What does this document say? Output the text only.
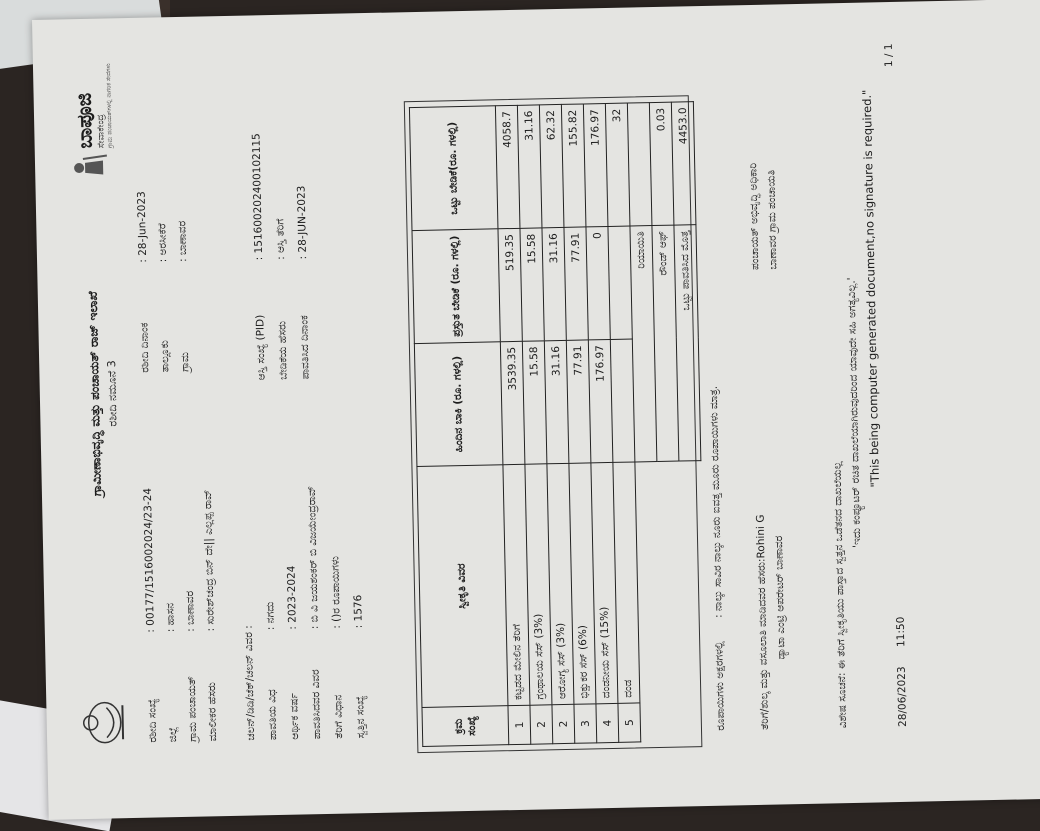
ಗ್ರಾಮೀಣಾಭಿವೃದ್ಧಿ ಮತ್ತು ಪಂಚಾಯತ್ ರಾಜ್ ಇಲಾಖೆ ರಶೀದಿ ನಮೂನೆ 3
ಬಾಪೂಜಿ ಸೇವಾಕೇಂದ್ರ
ಗ್ರಾಮ ಪಂಚಾಯತ್‌ಗಳಲ್ಲಿ ನಾಗರಿಕ ಸೇವೆಗಳು
ರಶೀದಿ ಸಂಖ್ಯೆ
: 00177/1516002024/23-24
ಜಿಲ್ಲೆ
: ಹಾಸನ
ಗ್ರಾಮ ಪಂಚಾಯತ್
: ಬಾಣಾವರ
ಮಾಲೀಕರ ಹೆಸರು
: ಸುರೇಶ್‌ಚಂದ್ರ ಬಿನ್ ದೇ|| ಎಲ್ಲಪ್ಪ ರಾವ್
ರಶೀದಿ ದಿನಾಂಕ
: 28-Jun-2023
ತಾಲ್ಲೂಕು
: ಅರಸೀಕೆರೆ
ಗ್ರಾಮ
: ಬಾಣಾವರ
ಚಲನ್/ಡಿಡಿ/ಚೆಕ್/ಚಲನ್ ವಿವರ : ಪಾವತಿಯ ವಿಧ
: ನಗದು
ಆರ್ಥಿಕ ವರ್ಷ
: 2023-2024
ಪಾವತಿಸಿದವರ ವಿವರ
: ಬಿ ವಿ ಜಯಶಂಕರ್ ಬಿ ವಿಜಯೇಂದ್ರರಾವ್
ತೆರಿಗೆ ವಿಧಾನ
: ()ರ ರೂಪಾಯಿಗಳು
ಸ್ವತ್ತಿನ ಸಂಖ್ಯೆ
: 1576
ಆಸ್ತಿ ಸಂಖ್ಯೆ (PID)
: 151600202400102115
ಬೇಡಿಕೆಯ ಹೆಸರು
: ಆಸ್ತಿ ತೆರಿಗೆ
ಪಾವತಿಸಿದ ದಿನಾಂಕ
: 28-JUN-2023
ಕ್ರಮ ಸಂಖ್ಯೆ	ಸ್ವೀಕೃತಿ ವಿವರ	ಹಿಂದಿನ ಬಾಕಿ (ರೂ. ಗಳಲ್ಲಿ)	ಪ್ರಸ್ತುತ ಬೇಡಿಕೆ (ರೂ. ಗಳಲ್ಲಿ)	ಒಟ್ಟು ಬೇಡಿಕೆ(ರೂ. ಗಳಲ್ಲಿ)
1	ಕಟ್ಟಡದ ಮೇಲಿನ ತೆರಿಗೆ	3539.35	519.35	4058.7
2	ಗ್ರಂಥಾಲಯ ಸೆಸ್ (3%)	15.58	15.58	31.16
2	ಆರೋಗ್ಯ ಸೆಸ್ (3%)	31.16	31.16	62.32
3	ಭಿಕ್ಷುಕರ ಸೆಸ್ (6%)	77.91	77.91	155.82
4	ದಂಡನೀಯ ಸೆಸ್ (15%)	176.97	0	176.97
5	ದಂಡ			32
		ರಿಯಾಯಿತಿ		
		ರೌಂಡ್ ಆಫ್		0.03
		ಒಟ್ಟು ಪಾವತಿಸಿದ ಮೊತ್ತ		4453.0
ರೂಪಾಯಿಗಳು ಅಕ್ಷರಗಳಲ್ಲಿ : ನಾಲ್ಕು ಸಾವಿರ ನಾಲ್ಕು ನೂರು ಐವತ್ತ ಮೂರು ರೂಪಾಯಿಗಳು ಮಾತ್ರ.
ತೆರಿಗೆ/ಶುಲ್ಕ ಮತ್ತು ವಸೂಲಾತಿ ಮಾಡಿದವರ ಹೆಸರು:Rohini G ಡ್ಯಾಟಾ ಎಂಟ್ರಿ ಆಪರೇಟರ್ ಬಾಣಾವರ
ಪಂಚಾಯತ್ ಅಭಿವೃದ್ಧಿ ಅಧಿಕಾರಿ ಬಾಣಾವರ ಗ್ರಾಮ ಪಂಚಾಯತಿ
ವಿಶೇಷ ಸೂಚನೆ: ಈ ತೆರಿಗೆ ಸ್ವೀಕೃತಿಯು ಪಾಸ್ತಾದ ಸ್ವತ್ತನ ಒಡೆತನದ ದಾಖಲೆಯಲ್ಲ
'ಇದು ಕಂಪ್ಯೂಟರ್ ರಚಿತ ದಾಖಲೆಯಾಗಿರುವುದರಿಂದ ಯಾವುದೇ ಸಹಿ ಅಗತ್ಯವಿಲ್ಲ.'
"This being computer generated document,no signature is required."
28/06/2023
11:50
1 / 1
